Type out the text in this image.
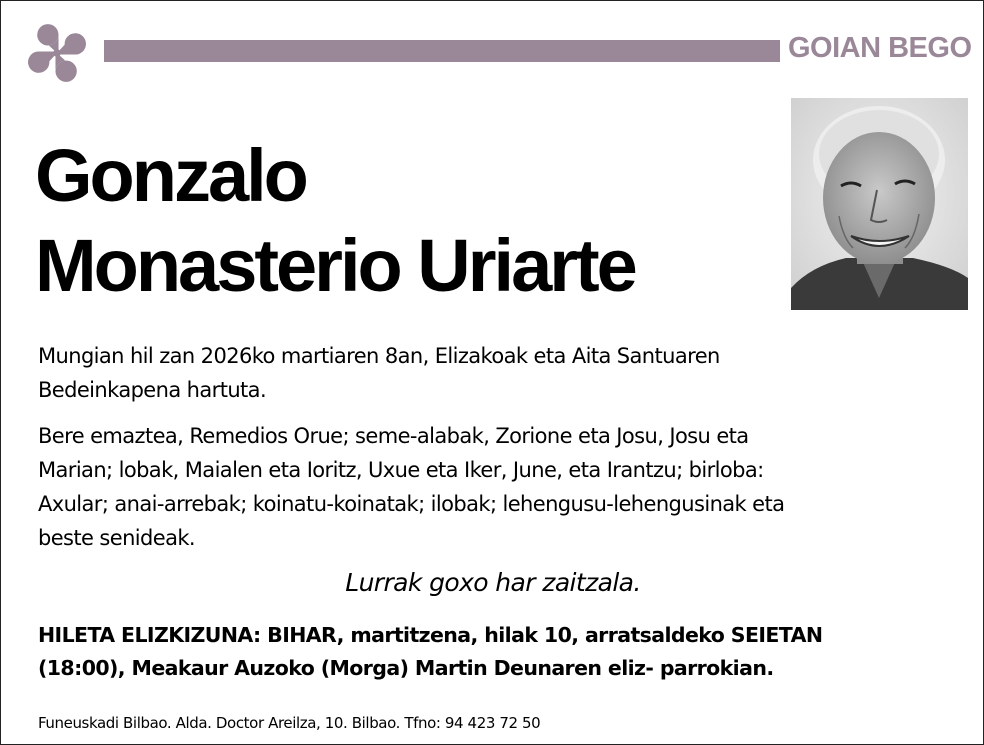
GOIAN BEGO
Gonzalo
Monasterio Uriarte
Mungian hil zan 2026ko martiaren 8an, Elizakoak eta Aita Santuaren
Bedeinkapena hartuta.
Bere emaztea, Remedios Orue; seme-alabak, Zorione eta Josu, Josu eta
Marian; lobak, Maialen eta Ioritz, Uxue eta Iker, June, eta Irantzu; birloba:
Axular; anai-arrebak; koinatu-koinatak; ilobak; lehengusu-lehengusinak eta
beste senideak.
Lurrak goxo har zaitzala.
HILETA ELIZKIZUNA: BIHAR, martitzena, hilak 10, arratsaldeko SEIETAN
(18:00), Meakaur Auzoko (Morga) Martin Deunaren eliz- parrokian.
Funeuskadi Bilbao. Alda. Doctor Areilza, 10. Bilbao. Tfno: 94 423 72 50
